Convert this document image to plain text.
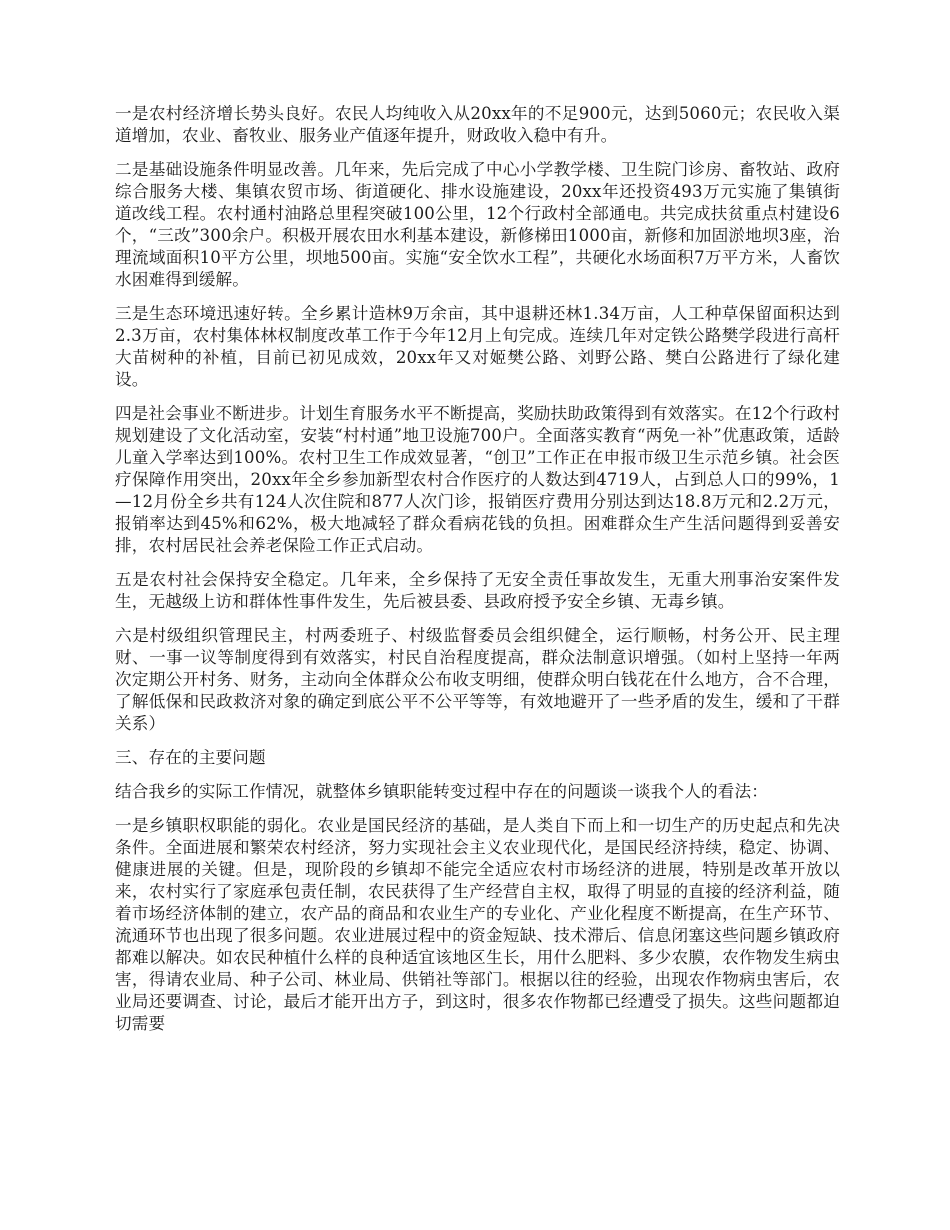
一是农村经济增长势头良好。农民人均纯收入从20xx年的不足900元，达到5060元；农民收入渠道增加，农业、畜牧业、服务业产值逐年提升，财政收入稳中有升。

二是基础设施条件明显改善。几年来，先后完成了中心小学教学楼、卫生院门诊房、畜牧站、政府综合服务大楼、集镇农贸市场、街道硬化、排水设施建设，20xx年还投资493万元实施了集镇街道改线工程。农村通村油路总里程突破100公里，12个行政村全部通电。共完成扶贫重点村建设6个，“三改”300余户。积极开展农田水利基本建设，新修梯田1000亩，新修和加固淤地坝3座，治理流域面积10平方公里，坝地500亩。实施“安全饮水工程”，共硬化水场面积7万平方米，人畜饮水困难得到缓解。

三是生态环境迅速好转。全乡累计造林9万余亩，其中退耕还林1.34万亩，人工种草保留面积达到2.3万亩，农村集体林权制度改革工作于今年12月上旬完成。连续几年对定铁公路樊学段进行高杆大苗树种的补植，目前已初见成效，20xx年又对姬樊公路、刘野公路、樊白公路进行了绿化建设。

四是社会事业不断进步。计划生育服务水平不断提高，奖励扶助政策得到有效落实。在12个行政村规划建设了文化活动室，安装“村村通”地卫设施700户。全面落实教育“两免一补”优惠政策，适龄儿童入学率达到100%。农村卫生工作成效显著，“创卫”工作正在申报市级卫生示范乡镇。社会医疗保障作用突出，20xx年全乡参加新型农村合作医疗的人数达到4719人，占到总人口的99%，1—12月份全乡共有124人次住院和877人次门诊，报销医疗费用分别达到达18.8万元和2.2万元，报销率达到45%和62%，极大地减轻了群众看病花钱的负担。困难群众生产生活问题得到妥善安排，农村居民社会养老保险工作正式启动。

五是农村社会保持安全稳定。几年来，全乡保持了无安全责任事故发生，无重大刑事治安案件发生，无越级上访和群体性事件发生，先后被县委、县政府授予安全乡镇、无毒乡镇。

六是村级组织管理民主，村两委班子、村级监督委员会组织健全，运行顺畅，村务公开、民主理财、一事一议等制度得到有效落实，村民自治程度提高，群众法制意识增强。（如村上坚持一年两次定期公开村务、财务，主动向全体群众公布收支明细，使群众明白钱花在什么地方，合不合理，了解低保和民政救济对象的确定到底公平不公平等等，有效地避开了一些矛盾的发生，缓和了干群关系）

三、存在的主要问题

结合我乡的实际工作情况，就整体乡镇职能转变过程中存在的问题谈一谈我个人的看法：

一是乡镇职权职能的弱化。农业是国民经济的基础，是人类自下而上和一切生产的历史起点和先决条件。全面进展和繁荣农村经济，努力实现社会主义农业现代化，是国民经济持续，稳定、协调、健康进展的关键。但是，现阶段的乡镇却不能完全适应农村市场经济的进展，特别是改革开放以来，农村实行了家庭承包责任制，农民获得了生产经营自主权，取得了明显的直接的经济利益，随着市场经济体制的建立，农产品的商品和农业生产的专业化、产业化程度不断提高，在生产环节、流通环节也出现了很多问题。农业进展过程中的资金短缺、技术滞后、信息闭塞这些问题乡镇政府都难以解决。如农民种植什么样的良种适宜该地区生长，用什么肥料、多少农膜，农作物发生病虫害，得请农业局、种子公司、林业局、供销社等部门。根据以往的经验，出现农作物病虫害后，农业局还要调查、讨论，最后才能开出方子，到这时，很多农作物都已经遭受了损失。这些问题都迫切需要
